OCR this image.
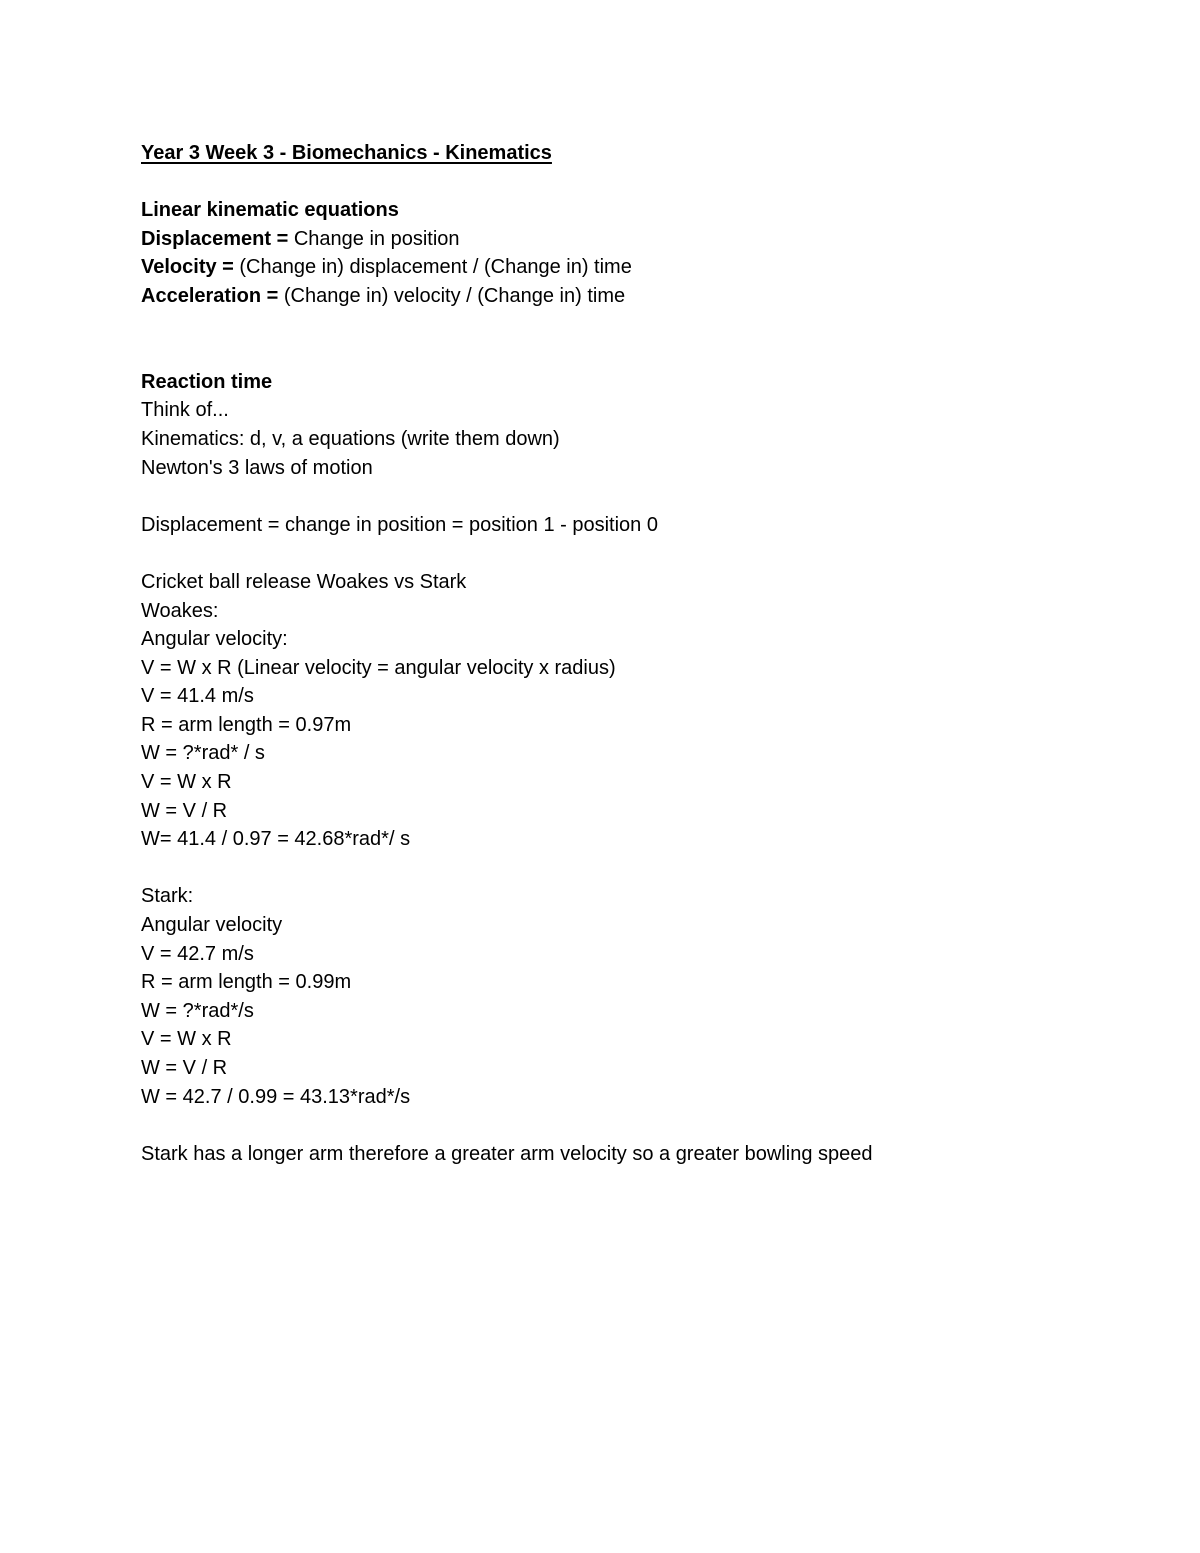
Year 3 Week 3 - Biomechanics - Kinematics
Linear kinematic equations
Displacement = Change in position
Velocity = (Change in) displacement / (Change in) time
Acceleration = (Change in) velocity / (Change in) time
Reaction time
Think of...
Kinematics: d, v, a equations (write them down)
Newton's 3 laws of motion
Displacement = change in position = position 1 - position 0
Cricket ball release Woakes vs Stark
Woakes:
Angular velocity:
V = W x R (Linear velocity = angular velocity x radius)
V = 41.4 m/s
R = arm length = 0.97m
W = ?*rad* / s
V = W x R
W = V / R
W= 41.4 / 0.97 = 42.68*rad*/ s
Stark:
Angular velocity
V = 42.7 m/s
R = arm length = 0.99m
W = ?*rad*/s
V = W x R
W = V / R
W = 42.7 / 0.99 = 43.13*rad*/s
Stark has a longer arm therefore a greater arm velocity so a greater bowling speed
